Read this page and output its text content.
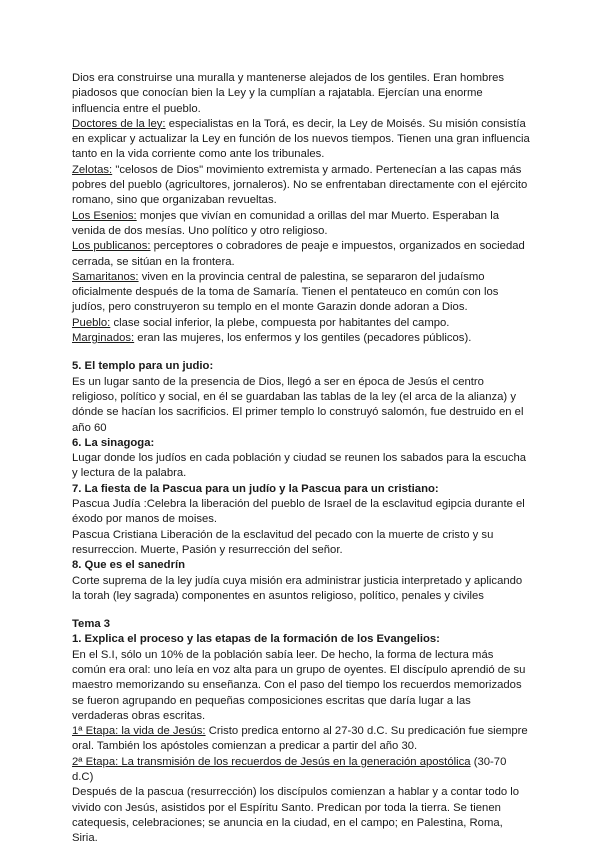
Dios era construirse una muralla y mantenerse alejados de los gentiles. Eran hombres piadosos que conocían bien la Ley y la cumplían a rajatabla. Ejercían una enorme influencia entre el pueblo.

Doctores de la ley: especialistas en la Torá, es decir, la Ley de Moisés. Su misión consistía en explicar y actualizar la Ley en función de los nuevos tiempos. Tienen una gran influencia tanto en la vida corriente como ante los tribunales.

Zelotas: "celosos de Dios" movimiento extremista y armado. Pertenecían a las capas más pobres del pueblo (agricultores, jornaleros). No se enfrentaban directamente con el ejército romano, sino que organizaban revueltas.

Los Esenios: monjes que vivían en comunidad a orillas del mar Muerto. Esperaban la venida de dos mesías. Uno político y otro religioso.

Los publicanos: perceptores o cobradores de peaje e impuestos, organizados en sociedad cerrada, se sitúan en la frontera.

Samaritanos: viven en la provincia central de palestina, se separaron del judaísmo oficialmente después de la toma de Samaría. Tienen el pentateuco en común con los judíos, pero construyeron su templo en el monte Garazin donde adoran a Dios.

Pueblo: clase social inferior, la plebe, compuesta por habitantes del campo.

Marginados: eran las mujeres, los enfermos y los gentiles (pecadores públicos).

5. El templo para un judio:

Es un lugar santo de la presencia de Dios, llegó a ser en época de Jesús el centro religioso, político y social, en él se guardaban las tablas de la ley (el arca de la alianza) y dónde se hacían los sacrificios. El primer templo lo construyó salomón, fue destruido en el año 60

6. La sinagoga:

Lugar donde los judíos en cada población y ciudad se reunen los sabados para la escucha y lectura de la palabra.

7. La fiesta de la Pascua para un judío y la Pascua para un cristiano:

Pascua Judía :Celebra la liberación del pueblo de Israel de la esclavitud egipcia durante el éxodo por manos de moises.

Pascua Cristiana Liberación de la esclavitud del pecado con la muerte de cristo y su resurreccion. Muerte, Pasión y resurrección del señor.

8. Que es el sanedrín

Corte suprema de la ley judía cuya misión era administrar justicia interpretado y aplicando la torah (ley sagrada) componentes en asuntos religioso, político, penales y civiles

Tema 3

1. Explica el proceso y las etapas de la formación de los Evangelios:

En el S.I, sólo un 10% de la población sabía leer. De hecho, la forma de lectura más común era oral: uno leía en voz alta para un grupo de oyentes. El discípulo aprendió de su maestro memorizando su enseñanza. Con el paso del tiempo los recuerdos memorizados se fueron agrupando en pequeñas composiciones escritas que daría lugar a las verdaderas obras escritas.

1ª Etapa: la vida de Jesús: Cristo predica entorno al 27-30 d.C. Su predicación fue siempre oral. También los apóstoles comienzan a predicar a partir del año 30.

2ª Etapa: La transmisión de los recuerdos de Jesús en la generación apostólica (30-70 d.C)

Después de la pascua (resurrección) los discípulos comienzan a hablar y a contar todo lo vivido con Jesús, asistidos por el Espíritu Santo. Predican por toda la tierra. Se tienen catequesis, celebraciones; se anuncia en la ciudad, en el campo; en Palestina, Roma, Siria.
